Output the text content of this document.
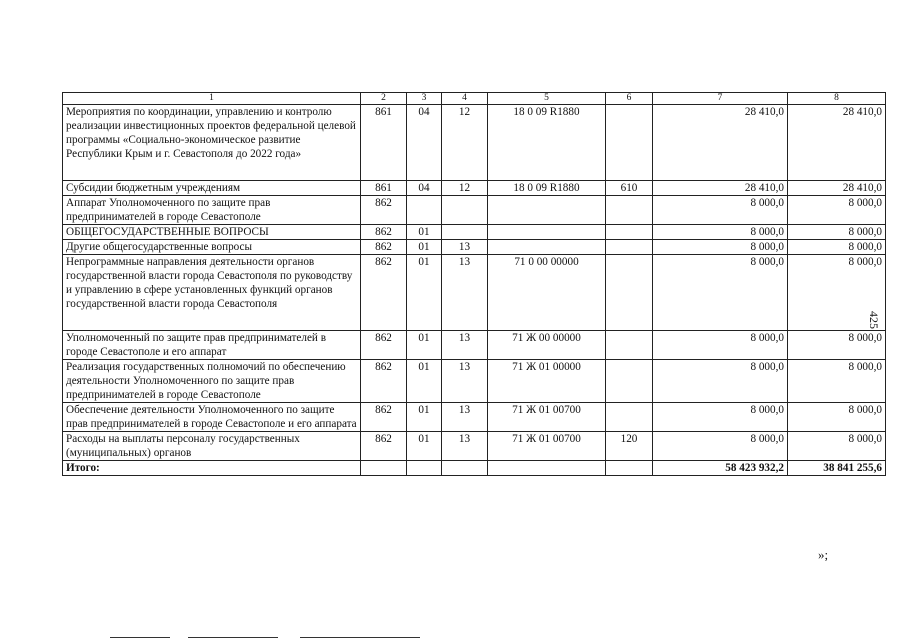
425
1	2	3	4	5	6	7	8
Мероприятия по координации, управлению и контролю реализации инвестиционных проектов федеральной целевой программы «Социально-экономическое развитие Республики Крым и г. Севастополя до 2022 года»	861	04	12	18 0 09 R1880		28 410,0	28 410,0
Субсидии бюджетным учреждениям	861	04	12	18 0 09 R1880	610	28 410,0	28 410,0
Аппарат Уполномоченного по защите прав предпринимателей в городе Севастополе	862					8 000,0	8 000,0
ОБЩЕГОСУДАРСТВЕННЫЕ ВОПРОСЫ	862	01				8 000,0	8 000,0
Другие общегосударственные вопросы	862	01	13			8 000,0	8 000,0
Непрограммные направления деятельности органов государственной власти города Севастополя по руководству и управлению в сфере установленных функций органов государственной власти города Севастополя	862	01	13	71 0 00 00000		8 000,0	8 000,0
Уполномоченный по защите прав предпринимателей в городе Севастополе и его аппарат	862	01	13	71 Ж 00 00000		8 000,0	8 000,0
Реализация государственных полномочий по обеспечению деятельности Уполномоченного по защите прав предпринимателей в городе Севастополе	862	01	13	71 Ж 01 00000		8 000,0	8 000,0
Обеспечение деятельности Уполномоченного по защите прав предпринимателей в городе Севастополе и его аппарата	862	01	13	71 Ж 01 00700		8 000,0	8 000,0
Расходы на выплаты персоналу государственных (муниципальных) органов	862	01	13	71 Ж 01 00700	120	8 000,0	8 000,0
Итого:						58 423 932,2	38 841 255,6
»;
